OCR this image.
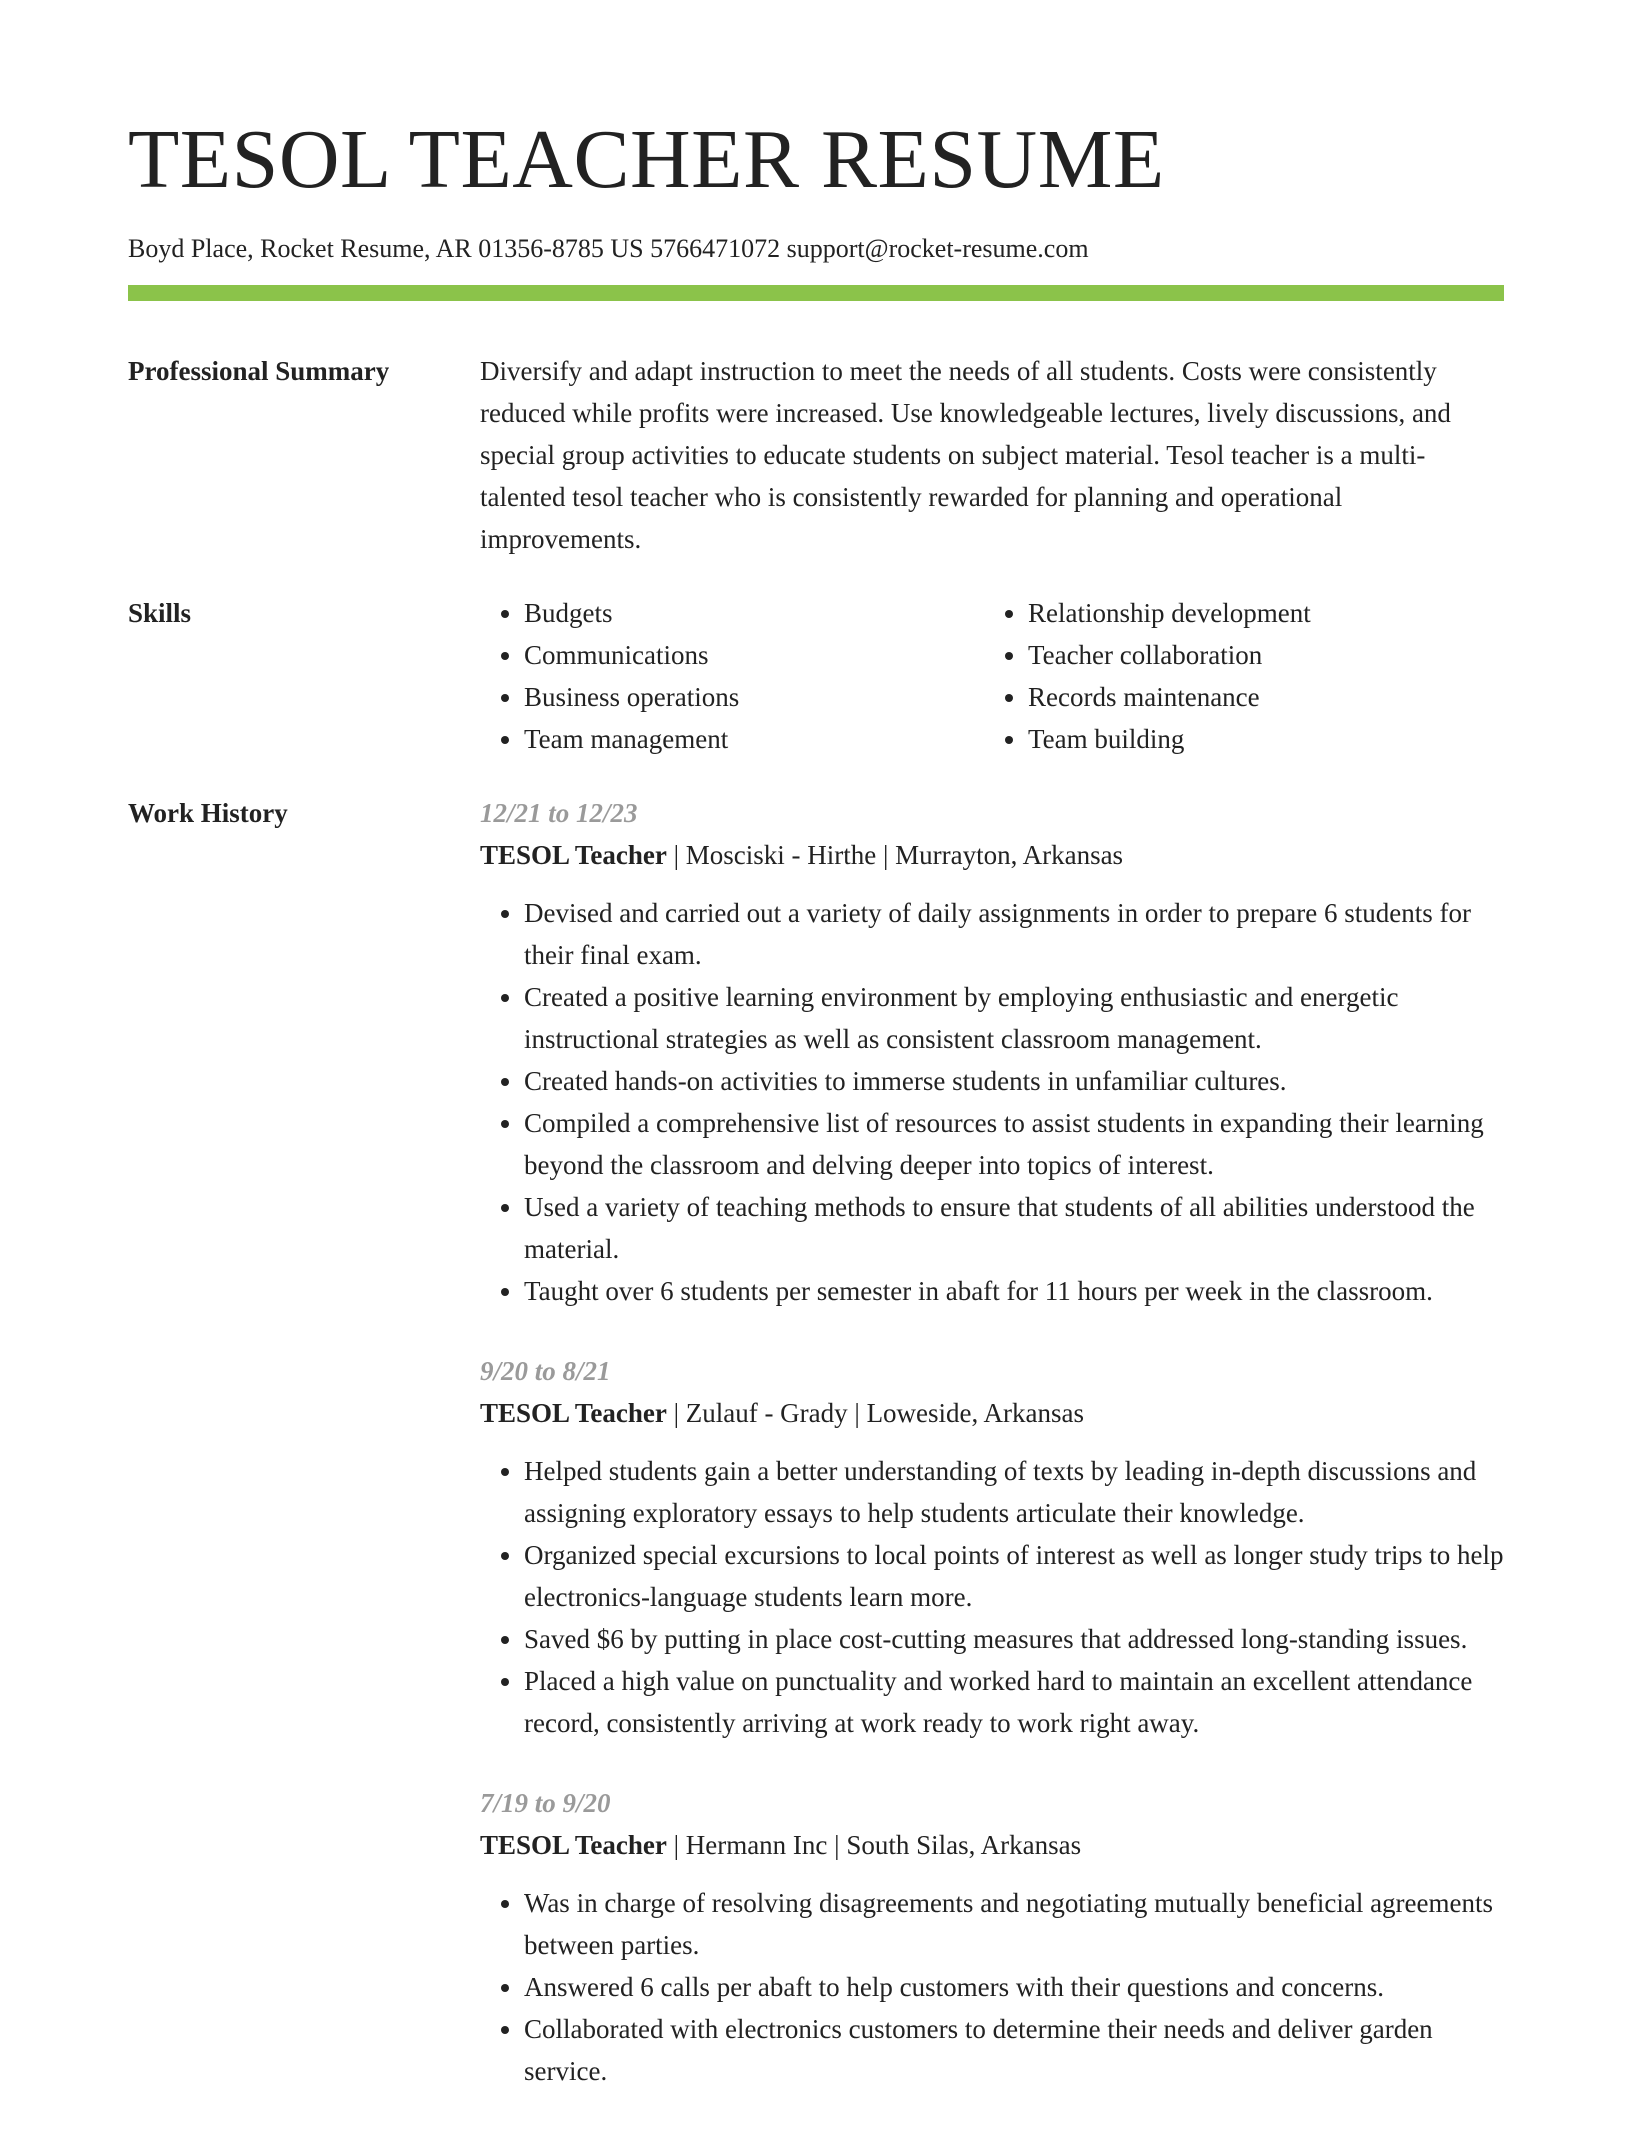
TESOL TEACHER RESUME
Boyd Place, Rocket Resume, AR 01356-8785 US 5766471072 support@rocket-resume.com
Professional Summary	Diversify and adapt instruction to meet the needs of all students. Costs were consistently reduced while profits were increased. Use knowledgeable lectures, lively discussions, and special group activities to educate students on subject material. Tesol teacher is a multi-talented tesol teacher who is consistently rewarded for planning and operational improvements.

Skills
•	Budgets
• Communications
• Business operations
• Team management
• Relationship development
• Teacher collaboration
• Records maintenance
• Team building
Work History	12/21 to 12/23
TESOL Teacher | Mosciski - Hirthe | Murrayton, Arkansas
• Devised and carried out a variety of daily assignments in order to prepare 6 students for their final exam.
• Created a positive learning environment by employing enthusiastic and energetic instructional strategies as well as consistent classroom management.
• Created hands-on activities to immerse students in unfamiliar cultures.
• Compiled a comprehensive list of resources to assist students in expanding their learning beyond the classroom and delving deeper into topics of interest.
• Used a variety of teaching methods to ensure that students of all abilities understood the material.
• Taught over 6 students per semester in abaft for 11 hours per week in the classroom.
9/20 to 8/21
TESOL Teacher | Zulauf - Grady | Loweside, Arkansas
• Helped students gain a better understanding of texts by leading in-depth discussions and assigning exploratory essays to help students articulate their knowledge.
• Organized special excursions to local points of interest as well as longer study trips to help electronics-language students learn more.
• Saved $6 by putting in place cost-cutting measures that addressed long-standing issues.
• Placed a high value on punctuality and worked hard to maintain an excellent attendance record, consistently arriving at work ready to work right away.
7/19 to 9/20
TESOL Teacher | Hermann Inc | South Silas, Arkansas
• Was in charge of resolving disagreements and negotiating mutually beneficial agreements between parties.
• Answered 6 calls per abaft to help customers with their questions and concerns.
• Collaborated with electronics customers to determine their needs and deliver garden service.
